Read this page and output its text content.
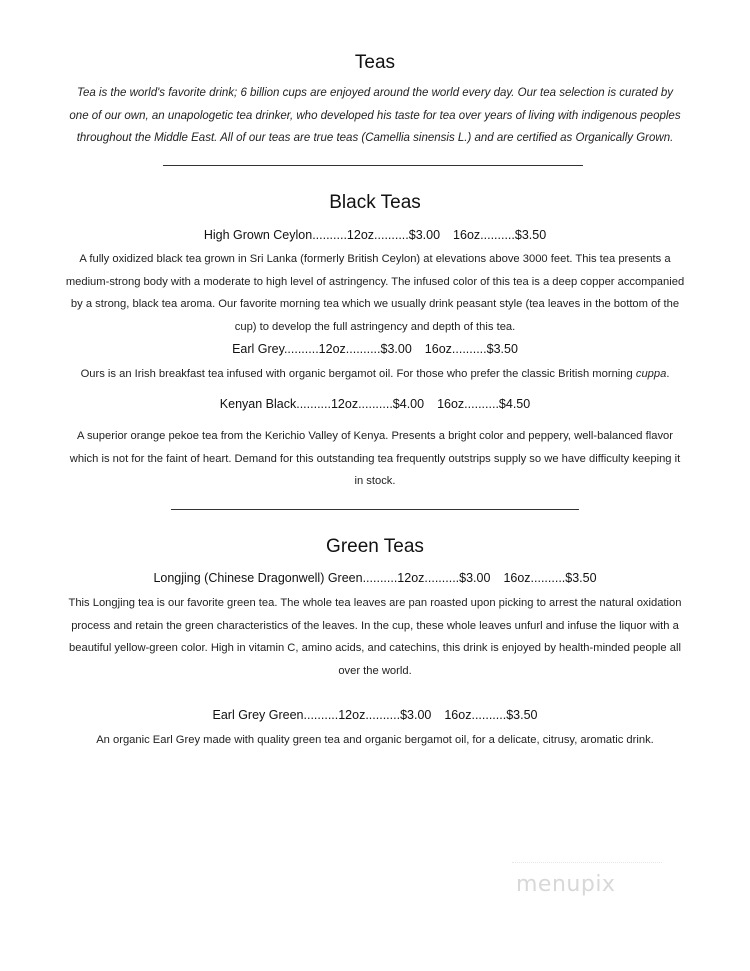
Teas
Tea is the world's favorite drink; 6 billion cups are enjoyed around the world every day. Our tea selection is curated by one of our own, an unapologetic tea drinker, who developed his taste for tea over years of living with indigenous peoples throughout the Middle East. All of our teas are true teas (Camellia sinensis L.) and are certified as Organically Grown.
Black Teas
High Grown Ceylon..........12oz..........$3.00 16oz..........$3.50
A fully oxidized black tea grown in Sri Lanka (formerly British Ceylon) at elevations above 3000 feet. This tea presents a medium-strong body with a moderate to high level of astringency. The infused color of this tea is a deep copper accompanied by a strong, black tea aroma. Our favorite morning tea which we usually drink peasant style (tea leaves in the bottom of the cup) to develop the full astringency and depth of this tea.
Earl Grey..........12oz..........$3.00 16oz..........$3.50
Ours is an Irish breakfast tea infused with organic bergamot oil. For those who prefer the classic British morning cuppa.
Kenyan Black..........12oz..........$4.00 16oz..........$4.50
A superior orange pekoe tea from the Kerichio Valley of Kenya. Presents a bright color and peppery, well-balanced flavor which is not for the faint of heart. Demand for this outstanding tea frequently outstrips supply so we have difficulty keeping it in stock.
Green Teas
Longjing (Chinese Dragonwell) Green..........12oz..........$3.00 16oz..........$3.50
This Longjing tea is our favorite green tea. The whole tea leaves are pan roasted upon picking to arrest the natural oxidation process and retain the green characteristics of the leaves. In the cup, these whole leaves unfurl and infuse the liquor with a beautiful yellow-green color. High in vitamin C, amino acids, and catechins, this drink is enjoyed by health-minded people all over the world.
Earl Grey Green..........12oz..........$3.00 16oz..........$3.50
An organic Earl Grey made with quality green tea and organic bergamot oil, for a delicate, citrusy, aromatic drink.
menupix
